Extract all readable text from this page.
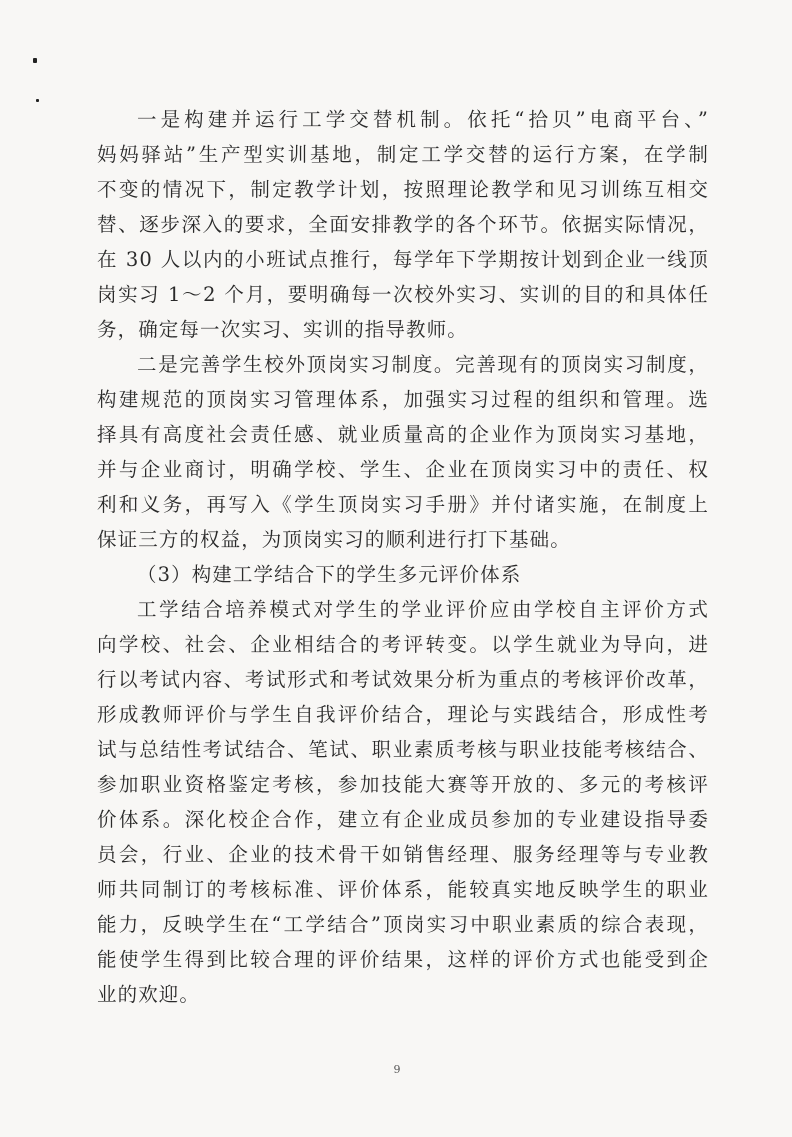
一是构建并运行工学交替机制。依托“拾贝”电商平台、”
妈妈驿站”生产型实训基地，制定工学交替的运行方案，在学制
不变的情况下，制定教学计划，按照理论教学和见习训练互相交
替、逐步深入的要求，全面安排教学的各个环节。依据实际情况，
在 30 人以内的小班试点推行，每学年下学期按计划到企业一线顶
岗实习 1～2 个月，要明确每一次校外实习、实训的目的和具体任
务，确定每一次实习、实训的指导教师。
二是完善学生校外顶岗实习制度。完善现有的顶岗实习制度，
构建规范的顶岗实习管理体系，加强实习过程的组织和管理。选
择具有高度社会责任感、就业质量高的企业作为顶岗实习基地，
并与企业商讨，明确学校、学生、企业在顶岗实习中的责任、权
利和义务，再写入《学生顶岗实习手册》并付诸实施，在制度上
保证三方的权益，为顶岗实习的顺利进行打下基础。
（3）构建工学结合下的学生多元评价体系
工学结合培养模式对学生的学业评价应由学校自主评价方式
向学校、社会、企业相结合的考评转变。以学生就业为导向，进
行以考试内容、考试形式和考试效果分析为重点的考核评价改革，
形成教师评价与学生自我评价结合，理论与实践结合，形成性考
试与总结性考试结合、笔试、职业素质考核与职业技能考核结合、
参加职业资格鉴定考核，参加技能大赛等开放的、多元的考核评
价体系。深化校企合作，建立有企业成员参加的专业建设指导委
员会，行业、企业的技术骨干如销售经理、服务经理等与专业教
师共同制订的考核标准、评价体系，能较真实地反映学生的职业
能力，反映学生在“工学结合”顶岗实习中职业素质的综合表现，
能使学生得到比较合理的评价结果，这样的评价方式也能受到企
业的欢迎。
9
